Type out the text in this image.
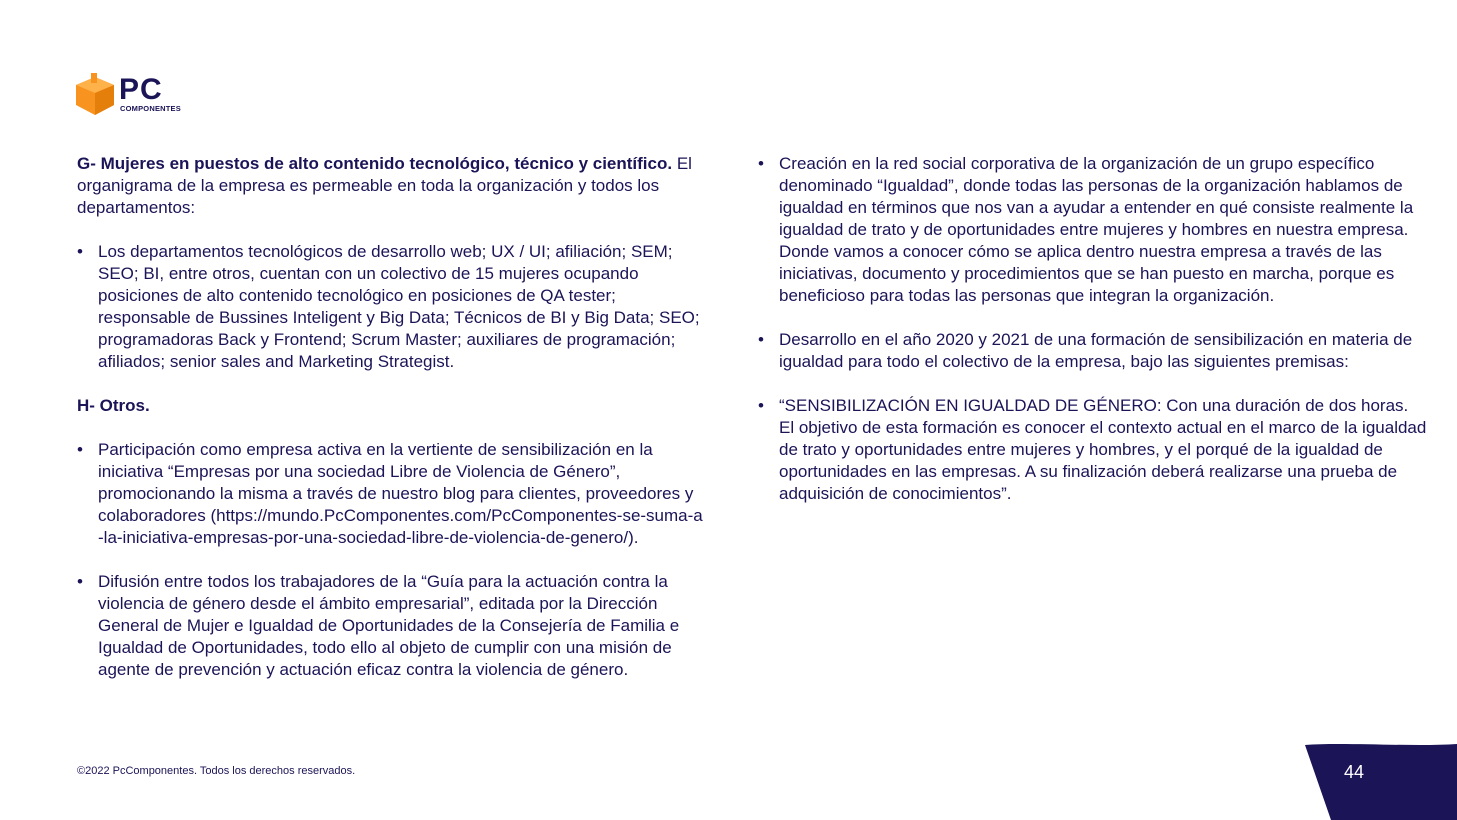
PC
COMPONENTES

G- Mujeres en puestos de alto contenido tecnológico, técnico y científico. El organigrama de la empresa es permeable en toda la organización y todos los departamentos:

• Los departamentos tecnológicos de desarrollo web; UX / UI; afiliación; SEM; SEO; BI, entre otros, cuentan con un colectivo de 15 mujeres ocupando posiciones de alto contenido tecnológico en posiciones de QA tester; responsable de Bussines Inteligent y Big Data; Técnicos de BI y Big Data; SEO; programadoras Back y Frontend; Scrum Master; auxiliares de programación; afiliados; senior sales and Marketing Strategist.

H- Otros.

• Participación como empresa activa en la vertiente de sensibilización en la iniciativa “Empresas por una sociedad Libre de Violencia de Género”, promocionando la misma a través de nuestro blog para clientes, proveedores y colaboradores (https://mundo.PcComponentes.com/PcComponentes-se-suma-a-la-iniciativa-empresas-por-una-sociedad-libre-de-violencia-de-genero/).
• Difusión entre todos los trabajadores de la “Guía para la actuación contra la violencia de género desde el ámbito empresarial”, editada por la Dirección General de Mujer e Igualdad de Oportunidades de la Consejería de Familia e Igualdad de Oportunidades, todo ello al objeto de cumplir con una misión de agente de prevención y actuación eficaz contra la violencia de género.
• Creación en la red social corporativa de la organización de un grupo específico denominado “Igualdad”, donde todas las personas de la organización hablamos de igualdad en términos que nos van a ayudar a entender en qué consiste realmente la igualdad de trato y de oportunidades entre mujeres y hombres en nuestra empresa. Donde vamos a conocer cómo se aplica dentro nuestra empresa a través de las iniciativas, documento y procedimientos que se han puesto en marcha, porque es beneficioso para todas las personas que integran la organización.
• Desarrollo en el año 2020 y 2021 de una formación de sensibilización en materia de igualdad para todo el colectivo de la empresa, bajo las siguientes premisas:
• “SENSIBILIZACIÓN EN IGUALDAD DE GÉNERO: Con una duración de dos horas. El objetivo de esta formación es conocer el contexto actual en el marco de la igualdad de trato y oportunidades entre mujeres y hombres, y el porqué de la igualdad de oportunidades en las empresas. A su finalización deberá realizarse una prueba de adquisición de conocimientos”.
©2022 PcComponentes. Todos los derechos reservados.	44
